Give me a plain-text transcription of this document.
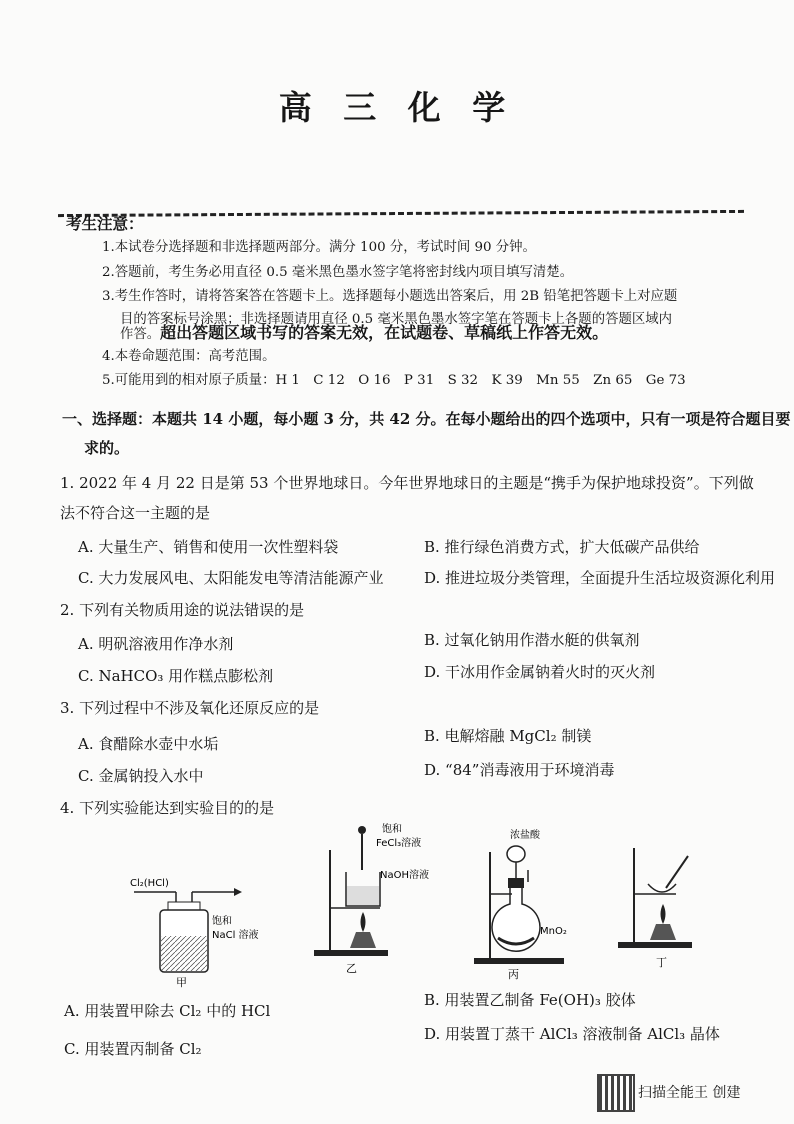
高 三 化 学
考生注意：
1.本试卷分选择题和非选择题两部分。满分 100 分，考试时间 90 分钟。
2.答题前，考生务必用直径 0.5 毫米黑色墨水签字笔将密封线内项目填写清楚。
3.考生作答时，请将答案答在答题卡上。选择题每小题选出答案后，用 2B 铅笔把答题卡上对应题
目的答案标号涂黑；非选择题请用直径 0.5 毫米黑色墨水签字笔在答题卡上各题的答题区域内
作答。超出答题区域书写的答案无效，在试题卷、草稿纸上作答无效。
4.本卷命题范围：高考范围。
5.可能用到的相对原子质量：H 1　C 12　O 16　P 31　S 32　K 39　Mn 55　Zn 65　Ge 73
一、选择题：本题共 14 小题，每小题 3 分，共 42 分。在每小题给出的四个选项中，只有一项是符合题目要
求的。
1. 2022 年 4 月 22 日是第 53 个世界地球日。今年世界地球日的主题是“携手为保护地球投资”。下列做
法不符合这一主题的是
A. 大量生产、销售和使用一次性塑料袋	B. 推行绿色消费方式，扩大低碳产品供给
C. 大力发展风电、太阳能发电等清洁能源产业	D. 推进垃圾分类管理，全面提升生活垃圾资源化利用
2. 下列有关物质用途的说法错误的是
A. 明矾溶液用作净水剂	B. 过氧化钠用作潜水艇的供氧剂
C. NaHCO₃ 用作糕点膨松剂	D. 干冰用作金属钠着火时的灭火剂
3. 下列过程中不涉及氧化还原反应的是
A. 食醋除水壶中水垢	B. 电解熔融 MgCl₂ 制镁
C. 金属钠投入水中	D. “84”消毒液用于环境消毒
4. 下列实验能达到实验目的的是
Cl₂(HCl)
饱和
NaCl 溶液
甲
饱和
FeCl₃溶液
NaOH溶液
乙
浓盐酸
MnO₂
丙
丁
A. 用装置甲除去 Cl₂ 中的 HCl
B. 用装置乙制备 Fe(OH)₃ 胶体
C. 用装置丙制备 Cl₂
D. 用装置丁蒸干 AlCl₃ 溶液制备 AlCl₃ 晶体
扫描全能王 创建
